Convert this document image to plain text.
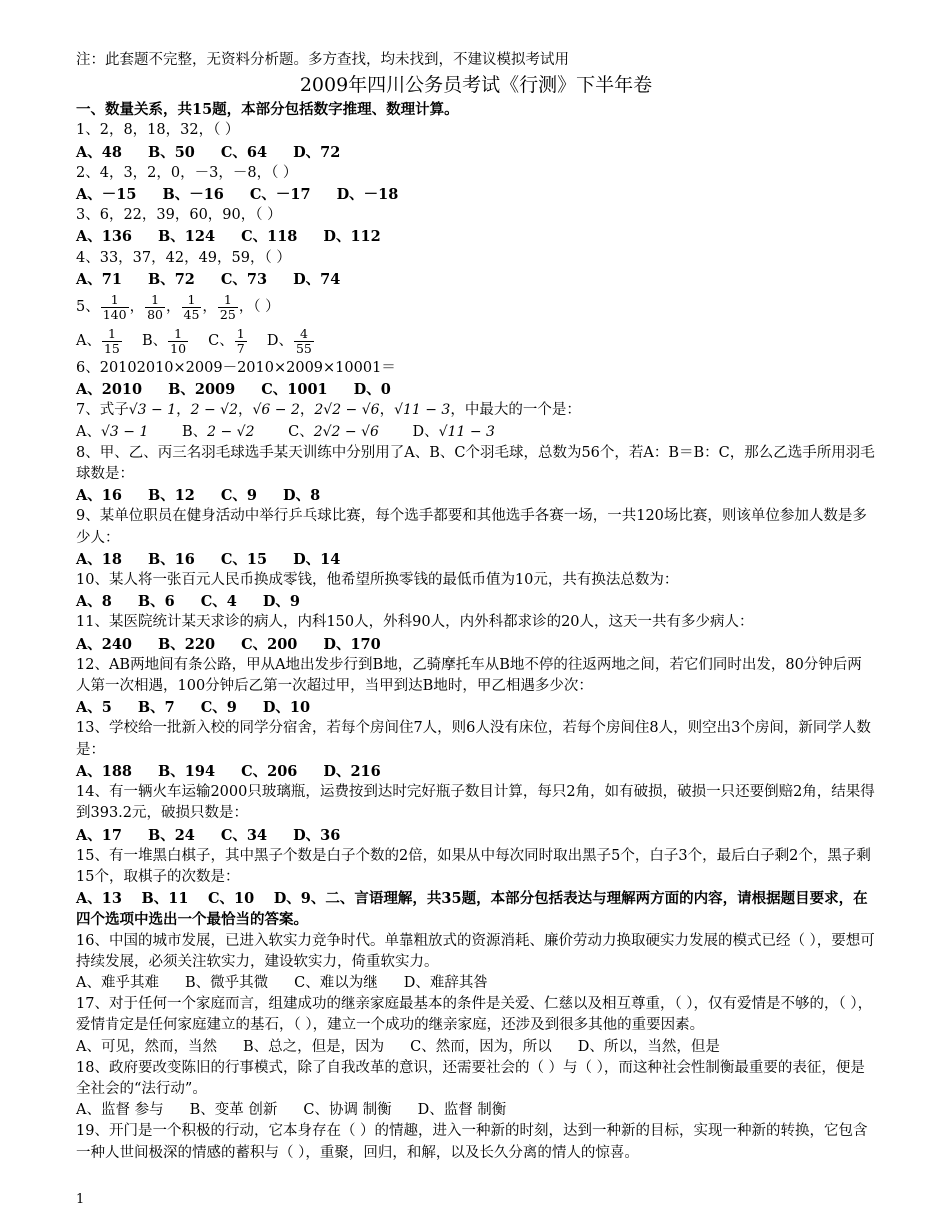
注：此套题不完整，无资料分析题。多方查找，均未找到，不建议模拟考试用
2009年四川公务员考试《行测》下半年卷
一、数量关系，共15题，本部分包括数字推理、数理计算。
1、2，8，18，32，（ ）
A、48 B、50 C、64 D、72
2、4，3，2，0，－3，－8，（ ）
A、－15 B、－16 C、－17 D、－18
3、6，22，39，60，90，（ ）
A、136 B、124 C、118 D、112
4、33，37，42，49，59，（ ）
A、71 B、72 C、73 D、74
5、 $\frac{1}{140}$ ， $\frac{1}{80}$ ， $\frac{1}{45}$ ， $\frac{1}{25}$ ，（ ）
A、 $\frac{1}{15}$
  B、 $\frac{1}{10}$
  C、 $\frac{1}{7}$
  D、 $\frac{4}{55}$
6、20102010×2009－2010×2009×10001＝
A、2010 B、2009 C、1001 D、0
7、式子√3 − 1，2 − √2，√6 − 2，2√2 − √6，√11 − 3，中最大的一个是：
A、√3 − 1   B、2 − √2   C、2√2 − √6   D、√11 − 3
8、甲、乙、丙三名羽毛球选手某天训练中分别用了A、B、C个羽毛球，总数为56个，若A：B＝B：C，那么乙选手所用羽毛球数是：
A、16 B、12 C、9 D、8
9、某单位职员在健身活动中举行乒乓球比赛，每个选手都要和其他选手各赛一场，一共120场比赛，则该单位参加人数是多少人：
A、18 B、16 C、15 D、14
10、某人将一张百元人民币换成零钱，他希望所换零钱的最低币值为10元，共有换法总数为：
A、8 B、6 C、4 D、9
11、某医院统计某天求诊的病人，内科150人，外科90人，内外科都求诊的20人，这天一共有多少病人：
A、240 B、220 C、200 D、170
12、AB两地间有条公路，甲从A地出发步行到B地，乙骑摩托车从B地不停的往返两地之间，若它们同时出发，80分钟后两人第一次相遇，100分钟后乙第一次超过甲，当甲到达B地时，甲乙相遇多少次：
A、5 B、7 C、9 D、10
13、学校给一批新入校的同学分宿舍，若每个房间住7人，则6人没有床位，若每个房间住8人，则空出3个房间，新同学人数是：
A、188 B、194 C、206 D、216
14、有一辆火车运输2000只玻璃瓶，运费按到达时完好瓶子数目计算，每只2角，如有破损，破损一只还要倒赔2角，结果得到393.2元，破损只数是：
A、17 B、24 C、34 D、36
15、有一堆黑白棋子，其中黑子个数是白子个数的2倍，如果从中每次同时取出黑子5个，白子3个，最后白子剩2个，黑子剩15个，取棋子的次数是：
A、13　 B、11　 C、10　 D、9、二、言语理解，共35题，本部分包括表达与理解两方面的内容，请根据题目要求，在四个选项中选出一个最恰当的答案。
16、中国的城市发展，已进入软实力竞争时代。单靠粗放式的资源消耗、廉价劳动力换取硬实力发展的模式已经（ ），要想可持续发展，必须关注软实力，建设软实力，倚重软实力。
A、难乎其难 B、微乎其微 C、难以为继 D、难辞其咎
17、对于任何一个家庭而言，组建成功的继亲家庭最基本的条件是关爱、仁慈以及相互尊重，（ ），仅有爱情是不够的，（ ），爱情肯定是任何家庭建立的基石，（ ），建立一个成功的继亲家庭，还涉及到很多其他的重要因素。
A、可见，然而，当然 B、总之，但是，因为 C、然而，因为，所以 D、所以，当然，但是
18、政府要改变陈旧的行事模式，除了自我改革的意识，还需要社会的（ ）与（ ），而这种社会性制衡最重要的表征，便是全社会的“法行动”。
A、监督 参与 B、变革 创新 C、协调 制衡 D、监督 制衡
19、开门是一个积极的行动，它本身存在（ ）的情趣，进入一种新的时刻，达到一种新的目标，实现一种新的转换，它包含一种人世间极深的情感的蓄积与（ ），重聚，回归，和解，以及长久分离的情人的惊喜。
1
